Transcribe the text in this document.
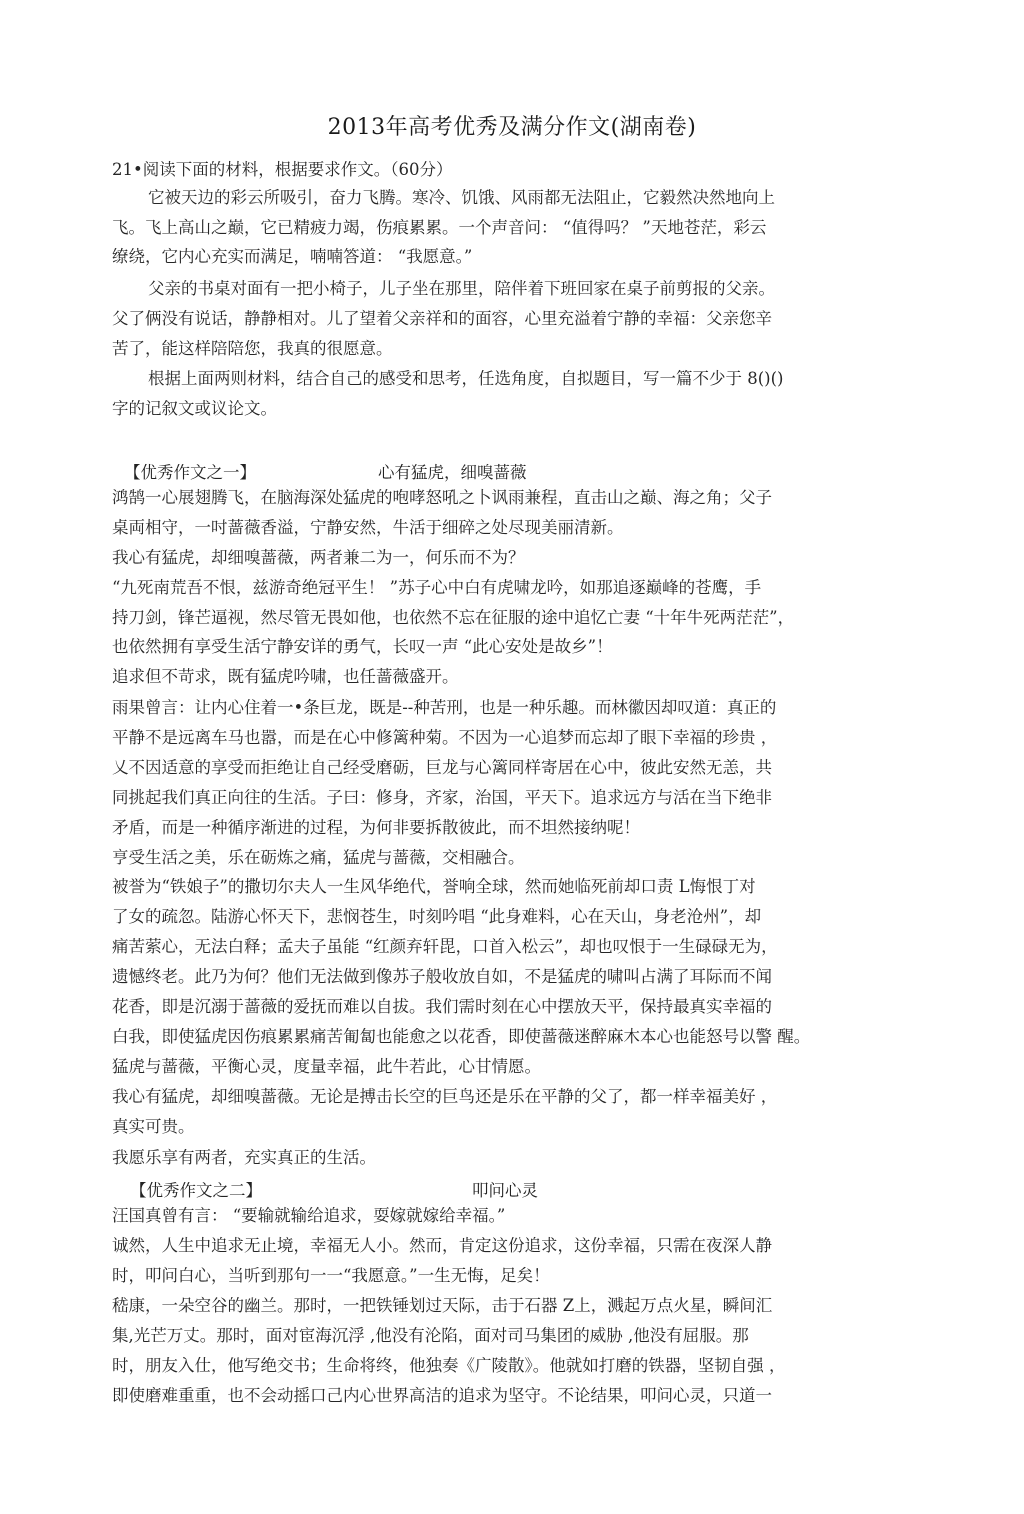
2013年高考优秀及满分作文(湖南卷)
21•阅读下面的材料，根据要求作文。（60分）
它被天边的彩云所吸引，奋力飞腾。寒冷、饥饿、风雨都无法阻止，它毅然决然地向上
飞。飞上高山之巅，它已精疲力竭，伤痕累累。一个声音问： “值得吗？ ”天地苍茫，彩云
缭绕，它内心充实而满足，喃喃答道： “我愿意。”
父亲的书桌对面有一把小椅子，儿子坐在那里，陪伴着下班回家在桌子前剪报的父亲。
父了俩没有说话，静静相对。儿了望着父亲祥和的面容，心里充溢着宁静的幸福：父亲您辛
苦了，能这样陪陪您，我真的很愿意。
根据上面两则材料，结合自己的感受和思考，任选角度，自拟题目，写一篇不少于 8()()
字的记叙文或议论文。
【优秀作文之一】	心有猛虎，细嗅蔷薇
鸿鹄一心展翅腾飞，在脑海深处猛虎的咆哮怒吼之卜讽雨兼程，直击山之巅、海之角；父子
桌両相守，一吋蔷薇香溢，宁静安然，牛活于细碎之处尽现美丽清新。
我心有猛虎，却细嗅蔷薇，两者兼二为一，何乐而不为？
“九死南荒吾不恨，兹游奇绝冠平生！ ”苏子心中白有虎啸龙吟，如那追逐巅峰的苍鹰，手
持刀剑，锋芒逼视，然尽管无畏如他，也依然不忘在征服的途中追忆亡妻 “十年牛死两茫茫”，
也依然拥有享受生活宁静安详的勇气，长叹一声 “此心安处是故乡”！
追求但不苛求，既有猛虎吟啸，也任蔷薇盛开。
雨果曾言：让内心住着一•条巨龙，既是--种苦刑，也是一种乐趣。而林徽因却叹道：真正的
平静不是远离车马也嚣，而是在心中修篱种菊。不因为一心追梦而忘却了眼下幸福的珍贵 ，
乂不因适意的享受而拒绝让自己经受磨砺，巨龙与心篱同样寄居在心中，彼此安然无恙，共
同挑起我们真正向往的生活。子曰：修身，齐家，治国，平天下。追求远方与活在当下绝非
矛盾，而是一种循序渐进的过程，为何非要拆散彼此，而不坦然接纳呢！
亨受生活之美，乐在砺炼之痛，猛虎与蔷薇，交相融合。
被誉为“铁娘子”的撒切尔夫人一生风华绝代，誉响全球，然而她临死前却口责 L悔恨丁对
了女的疏忽。陆游心怀天下，悲悯苍生，吋刻吟唱 “此身难料，心在天山，身老沧州”，却
痛苦萦心，无法白释；孟夫子虽能 “红颜弃轩毘，口首入松云”，却也叹恨于一生碌碌无为，
遗憾终老。此乃为何？他们无法做到像苏子般收放自如，不是猛虎的啸叫占满了耳际而不闻
花香，即是沉溺于蔷薇的爱抚而难以自拔。我们需时刻在心中摆放天平，保持最真实幸福的
白我，即使猛虎因伤痕累累痛苦匍匐也能愈之以花香，即使蔷薇迷醉麻木本心也能怒号以警 醒。
猛虎与蔷薇，平衡心灵，度量幸福，此牛若此，心甘情愿。
我心有猛虎，却细嗅蔷薇。无论是搏击长空的巨鸟还是乐在平静的父了，都一样幸福美好 ，
真实可贵。
我愿乐享有两者，充实真正的生活。
【优秀作文之二】	叩问心灵
汪国真曾有言： “要输就输给追求，耍嫁就嫁给幸福。”
诚然，人生中追求无止境，幸福无人小。然而，肯定这份追求，这份幸福，只需在夜深人静
时，叩问白心，当听到那句一一“我愿意。”一生无悔，足矣！
嵇康，一朵空谷的幽兰。那时，一把铁锤划过天际，击于石器 Z上，溅起万点火星，瞬间汇
集,光芒万丈。那时，面对宦海沉浮 ,他没有沦陷，面对司马集团的威胁 ,他没有屈服。那
时，朋友入仕，他写绝交书；生命将终，他独奏《广陵散》。他就如打磨的铁器，坚韧自强 ，
即使磨难重重，也不会动摇口己内心世界高洁的追求为坚守。不论结果，叩问心灵，只道一
